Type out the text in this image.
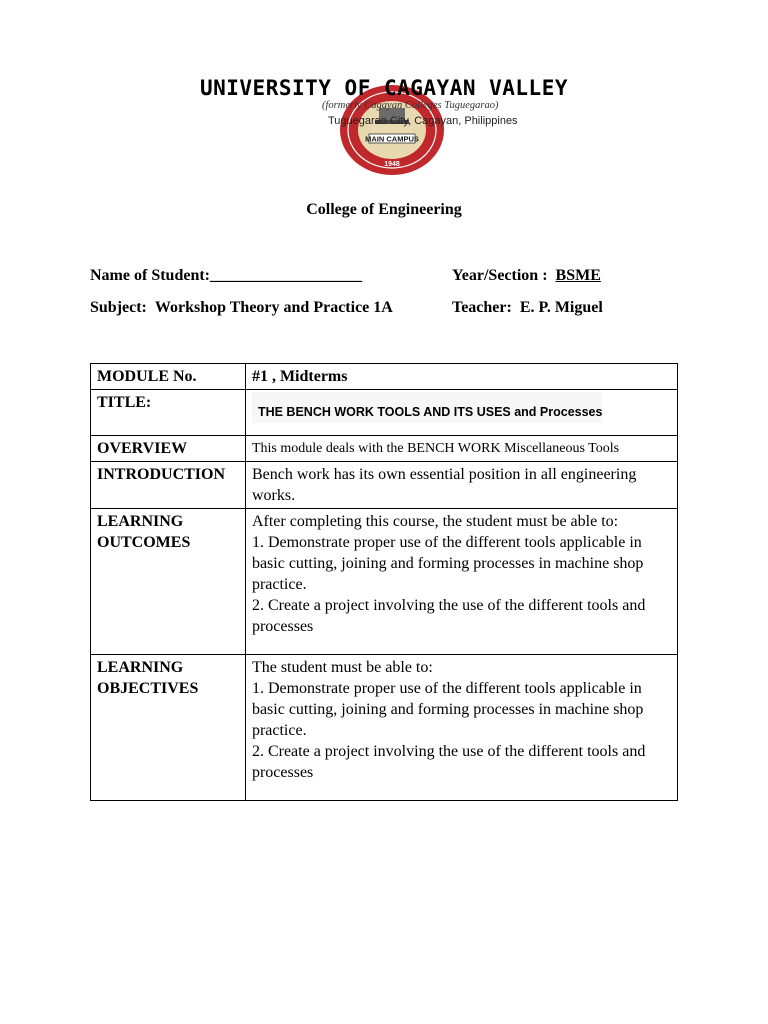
MAIN CAMPUS
1948
UNIVERSITY OF CAGAYAN VALLEY
(formerly Cagayan Colleges Tuguegarao)
Tuguegarao City, Cagayan, Philippines
College of Engineering
Name of Student:___________________	Year/Section : BSME
Subject: Workshop Theory and Practice 1A	Teacher: E. P. Miguel
MODULE No.	#1 , Midterms
TITLE:	THE BENCH WORK TOOLS AND ITS USES and Processes
OVERVIEW	This module deals with the BENCH WORK Miscellaneous Tools
INTRODUCTION	Bench work has its own essential position in all engineering works.
LEARNING OUTCOMES	After completing this course, the student must be able to:
1. Demonstrate proper use of the different tools applicable in basic cutting, joining and forming processes in machine shop practice.
2. Create a project involving the use of the different tools and processes
LEARNING OBJECTIVES	The student must be able to:
1. Demonstrate proper use of the different tools applicable in basic cutting, joining and forming processes in machine shop practice.
2. Create a project involving the use of the different tools and processes
